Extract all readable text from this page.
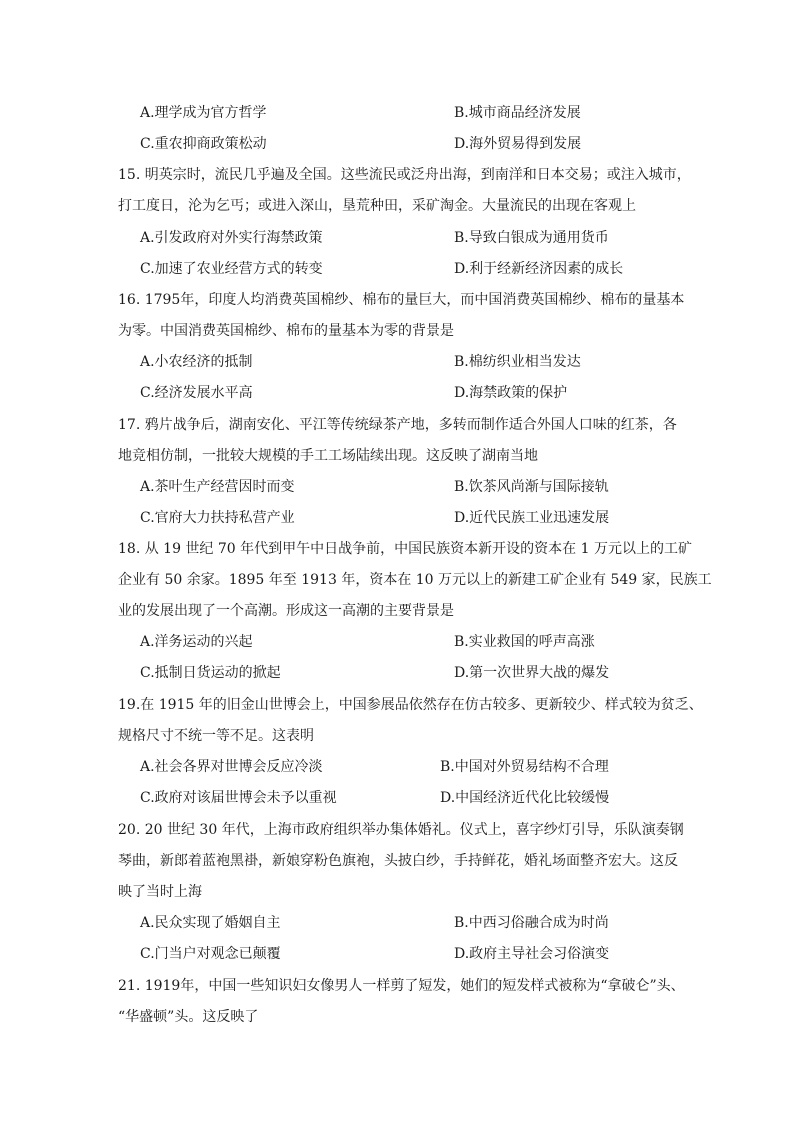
A.理学成为官方哲学	B.城市商品经济发展
C.重农抑商政策松动	D.海外贸易得到发展
15. 明英宗时，流民几乎遍及全国。这些流民或泛舟出海，到南洋和日本交易；或注入城市，
打工度日，沦为乞丐；或进入深山，垦荒种田，采矿淘金。大量流民的出现在客观上
A.引发政府对外实行海禁政策	B.导致白银成为通用货币
C.加速了农业经营方式的转变	D.利于经新经济因素的成长
16. 1795年，印度人均消费英国棉纱、棉布的量巨大，而中国消费英国棉纱、棉布的量基本
为零。中国消费英国棉纱、棉布的量基本为零的背景是
A.小农经济的抵制	B.棉纺织业相当发达
C.经济发展水平高	D.海禁政策的保护
17. 鸦片战争后，湖南安化、平江等传统绿茶产地，多转而制作适合外国人口味的红茶，各
地竞相仿制，一批较大规模的手工工场陆续出现。这反映了湖南当地
A.茶叶生产经营因时而变	B.饮茶风尚渐与国际接轨
C.官府大力扶持私营产业	D.近代民族工业迅速发展
18. 从 19 世纪 70 年代到甲午中日战争前，中国民族资本新开设的资本在 1 万元以上的工矿
企业有 50 余家。1895 年至 1913 年，资本在 10 万元以上的新建工矿企业有 549 家，民族工
业的发展出现了一个高潮。形成这一高潮的主要背景是
A.洋务运动的兴起	B.实业救国的呼声高涨
C.抵制日货运动的掀起	D.第一次世界大战的爆发
19.在 1915 年的旧金山世博会上，中国参展品依然存在仿古较多、更新较少、样式较为贫乏、
规格尺寸不统一等不足。这表明
A.社会各界对世博会反应冷淡	B.中国对外贸易结构不合理
C.政府对该届世博会未予以重视	D.中国经济近代化比较缓慢
20. 20 世纪 30 年代，上海市政府组织举办集体婚礼。仪式上，喜字纱灯引导，乐队演奏钢
琴曲，新郎着蓝袍黑褂，新娘穿粉色旗袍，头披白纱，手持鲜花，婚礼场面整齐宏大。这反
映了当时上海
A.民众实现了婚姻自主	B.中西习俗融合成为时尚
C.门当户对观念已颠覆	D.政府主导社会习俗演变
21. 1919年，中国一些知识妇女像男人一样剪了短发，她们的短发样式被称为“拿破仑”头、
“华盛顿”头。这反映了
